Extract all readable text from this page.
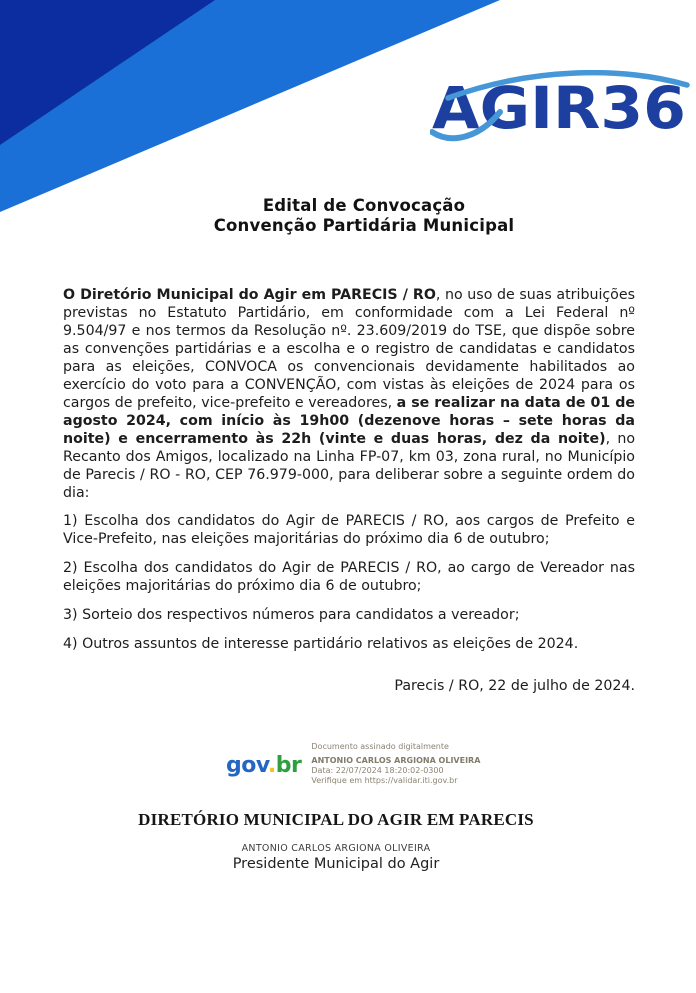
AGIR36
Edital de Convocação
Convenção Partidária Municipal

O Diretório Municipal do Agir em PARECIS / RO, no uso de suas atribuições previstas no Estatuto Partidário, em conformidade com a Lei Federal nº 9.504/97 e nos termos da Resolução nº. 23.609/2019 do TSE, que dispõe sobre as convenções partidárias e a escolha e o registro de candidatas e candidatos para as eleições, CONVOCA os convencionais devidamente habilitados ao exercício do voto para a CONVENÇÃO, com vistas às eleições de 2024 para os cargos de prefeito, vice-prefeito e vereadores, a se realizar na data de 01 de agosto 2024, com início às 19h00 (dezenove horas – sete horas da noite) e encerramento às 22h (vinte e duas horas, dez da noite), no Recanto dos Amigos, localizado na Linha FP-07, km 03, zona rural, no Município de Parecis / RO - RO, CEP 76.979-000, para deliberar sobre a seguinte ordem do dia:

1) Escolha dos candidatos do Agir de PARECIS / RO, aos cargos de Prefeito e Vice-Prefeito, nas eleições majoritárias do próximo dia 6 de outubro;

2) Escolha dos candidatos do Agir de PARECIS / RO, ao cargo de Vereador nas eleições majoritárias do próximo dia 6 de outubro;

3) Sorteio dos respectivos números para candidatos a vereador;

4) Outros assuntos de interesse partidário relativos as eleições de 2024.

Parecis / RO, 22 de julho de 2024.

gov.br
Documento assinado digitalmente
ANTONIO CARLOS ARGIONA OLIVEIRA
Data: 22/07/2024 18:20:02-0300
Verifique em https://validar.iti.gov.br
DIRETÓRIO MUNICIPAL DO AGIR EM PARECIS
ANTONIO CARLOS ARGIONA OLIVEIRA
Presidente Municipal do Agir
